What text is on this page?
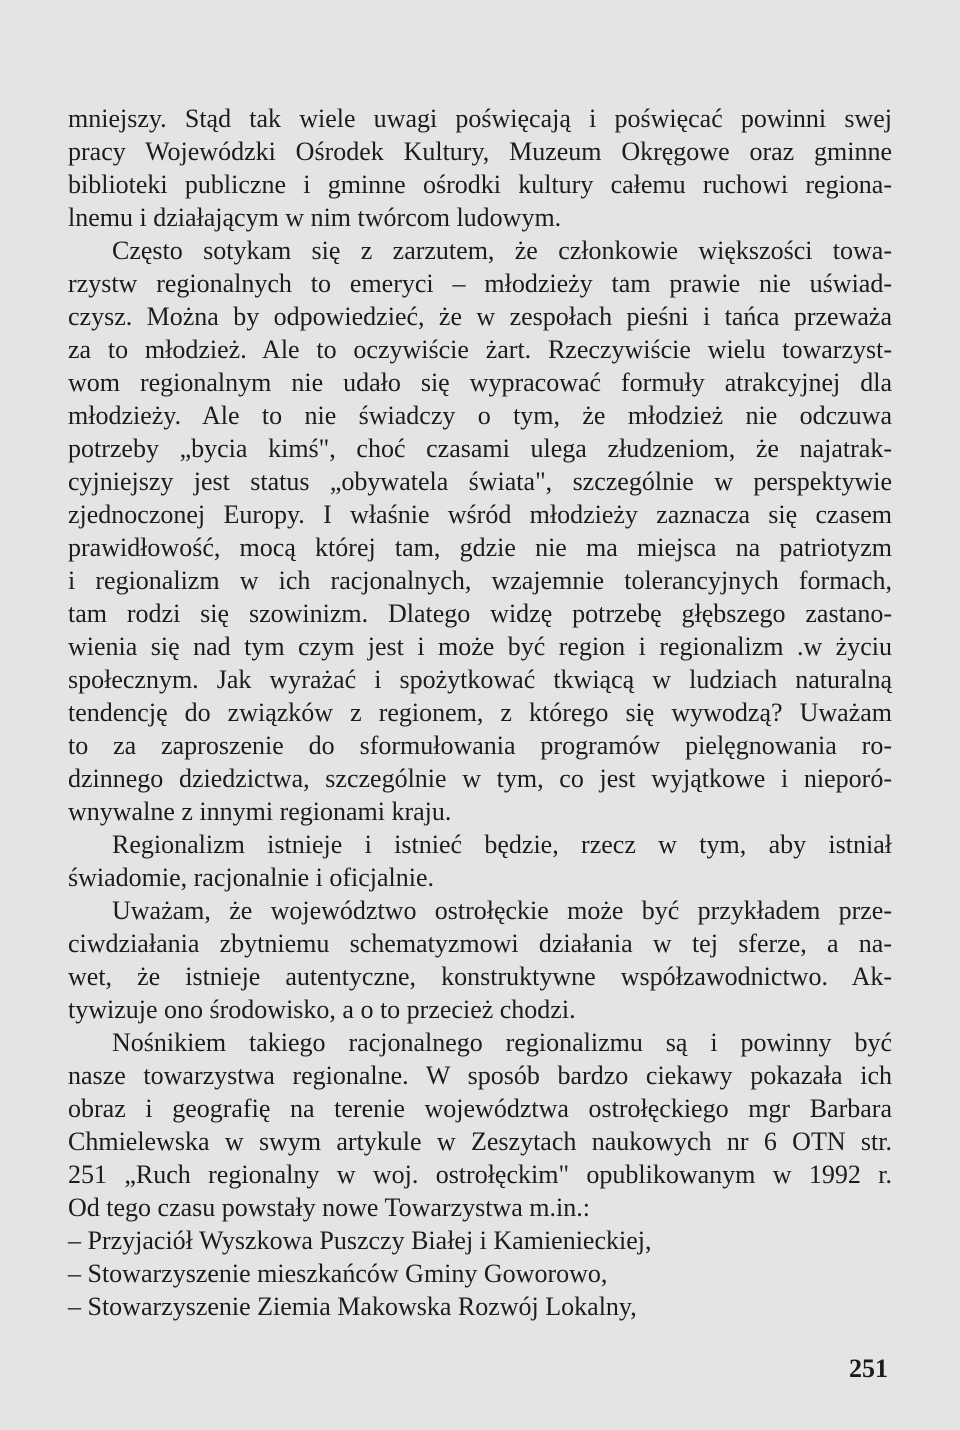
mniejszy. Stąd tak wiele uwagi poświęcają i poświęcać powinni swej
pracy Wojewódzki Ośrodek Kultury, Muzeum Okręgowe oraz gminne
biblioteki publiczne i gminne ośrodki kultury całemu ruchowi regiona-
lnemu i działającym w nim twórcom ludowym.
Często sotykam się z zarzutem, że członkowie większości towa-
rzystw regionalnych to emeryci – młodzieży tam prawie nie uświad-
czysz. Można by odpowiedzieć, że w zespołach pieśni i tańca przeważa
za to młodzież. Ale to oczywiście żart. Rzeczywiście wielu towarzyst-
wom regionalnym nie udało się wypracować formuły atrakcyjnej dla
młodzieży. Ale to nie świadczy o tym, że młodzież nie odczuwa
potrzeby „bycia kimś", choć czasami ulega złudzeniom, że najatrak-
cyjniejszy jest status „obywatela świata", szczególnie w perspektywie
zjednoczonej Europy. I właśnie wśród młodzieży zaznacza się czasem
prawidłowość, mocą której tam, gdzie nie ma miejsca na patriotyzm
i regionalizm w ich racjonalnych, wzajemnie tolerancyjnych formach,
tam rodzi się szowinizm. Dlatego widzę potrzebę głębszego zastano-
wienia się nad tym czym jest i może być region i regionalizm .w życiu
społecznym. Jak wyrażać i spożytkować tkwiącą w ludziach naturalną
tendencję do związków z regionem, z którego się wywodzą? Uważam
to za zaproszenie do sformułowania programów pielęgnowania ro-
dzinnego dziedzictwa, szczególnie w tym, co jest wyjątkowe i nieporó-
wnywalne z innymi regionami kraju.
Regionalizm istnieje i istnieć będzie, rzecz w tym, aby istniał
świadomie, racjonalnie i oficjalnie.
Uważam, że województwo ostrołęckie może być przykładem prze-
ciwdziałania zbytniemu schematyzmowi działania w tej sferze, a na-
wet, że istnieje autentyczne, konstruktywne współzawodnictwo. Ak-
tywizuje ono środowisko, a o to przecież chodzi.
Nośnikiem takiego racjonalnego regionalizmu są i powinny być
nasze towarzystwa regionalne. W sposób bardzo ciekawy pokazała ich
obraz i geografię na terenie województwa ostrołęckiego mgr Barbara
Chmielewska w swym artykule w Zeszytach naukowych nr 6 OTN str.
251 „Ruch regionalny w woj. ostrołęckim" opublikowanym w 1992 r.
Od tego czasu powstały nowe Towarzystwa m.in.:
– Przyjaciół Wyszkowa Puszczy Białej i Kamienieckiej,
– Stowarzyszenie mieszkańców Gminy Goworowo,
– Stowarzyszenie Ziemia Makowska Rozwój Lokalny,
251
